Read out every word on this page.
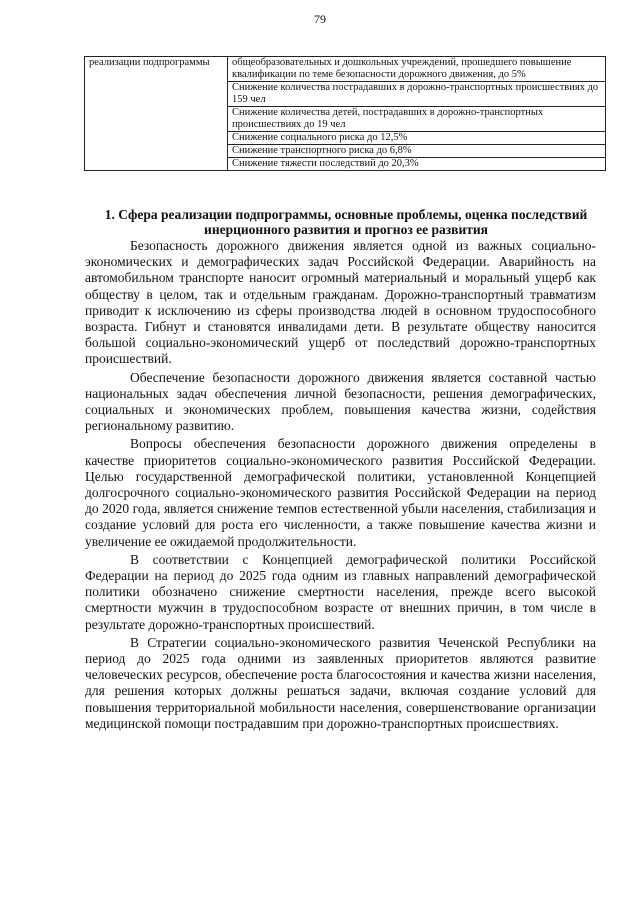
79
реализации подпрограммы	общеобразовательных и дошкольных учреждений, прошедшего повышение квалификации по теме безопасности дорожного движения, до 5%
Снижение количества пострадавших в дорожно-транспортных происшествиях до 159 чел
Снижение количества детей, пострадавших в дорожно-транспортных происшествиях до 19 чел
Снижение социального риска до 12,5%
Снижение транспортного риска до 6,8%
Снижение тяжести последствий до 20,3%
1. Сфера реализации подпрограммы, основные проблемы, оценка последствий инерционного развития и прогноз ее развития

Безопасность дорожного движения является одной из важных социально-экономических и демографических задач Российской Федерации. Аварийность на автомобильном транспорте наносит огромный материальный и моральный ущерб как обществу в целом, так и отдельным гражданам. Дорожно-транспортный травматизм приводит к исключению из сферы производства людей в основном трудоспособного возраста. Гибнут и становятся инвалидами дети. В результате обществу наносится большой социально-экономический ущерб от последствий дорожно-транспортных происшествий.

Обеспечение безопасности дорожного движения является составной частью национальных задач обеспечения личной безопасности, решения демографических, социальных и экономических проблем, повышения качества жизни, содействия региональному развитию.

Вопросы обеспечения безопасности дорожного движения определены в качестве приоритетов социально-экономического развития Российской Федерации. Целью государственной демографической политики, установленной Концепцией долгосрочного социально-экономического развития Российской Федерации на период до 2020 года, является снижение темпов естественной убыли населения, стабилизация и создание условий для роста его численности, а также повышение качества жизни и увеличение ее ожидаемой продолжительности.

В соответствии с Концепцией демографической политики Российской Федерации на период до 2025 года одним из главных направлений демографической политики обозначено снижение смертности населения, прежде всего высокой смертности мужчин в трудоспособном возрасте от внешних причин, в том числе в результате дорожно-транспортных происшествий.

В Стратегии социально-экономического развития Чеченской Республики на период до 2025 года одними из заявленных приоритетов являются развитие человеческих ресурсов, обеспечение роста благосостояния и качества жизни населения, для решения которых должны решаться задачи, включая создание условий для повышения территориальной мобильности населения, совершенствование организации медицинской помощи пострадавшим при дорожно-транспортных происшествиях.
